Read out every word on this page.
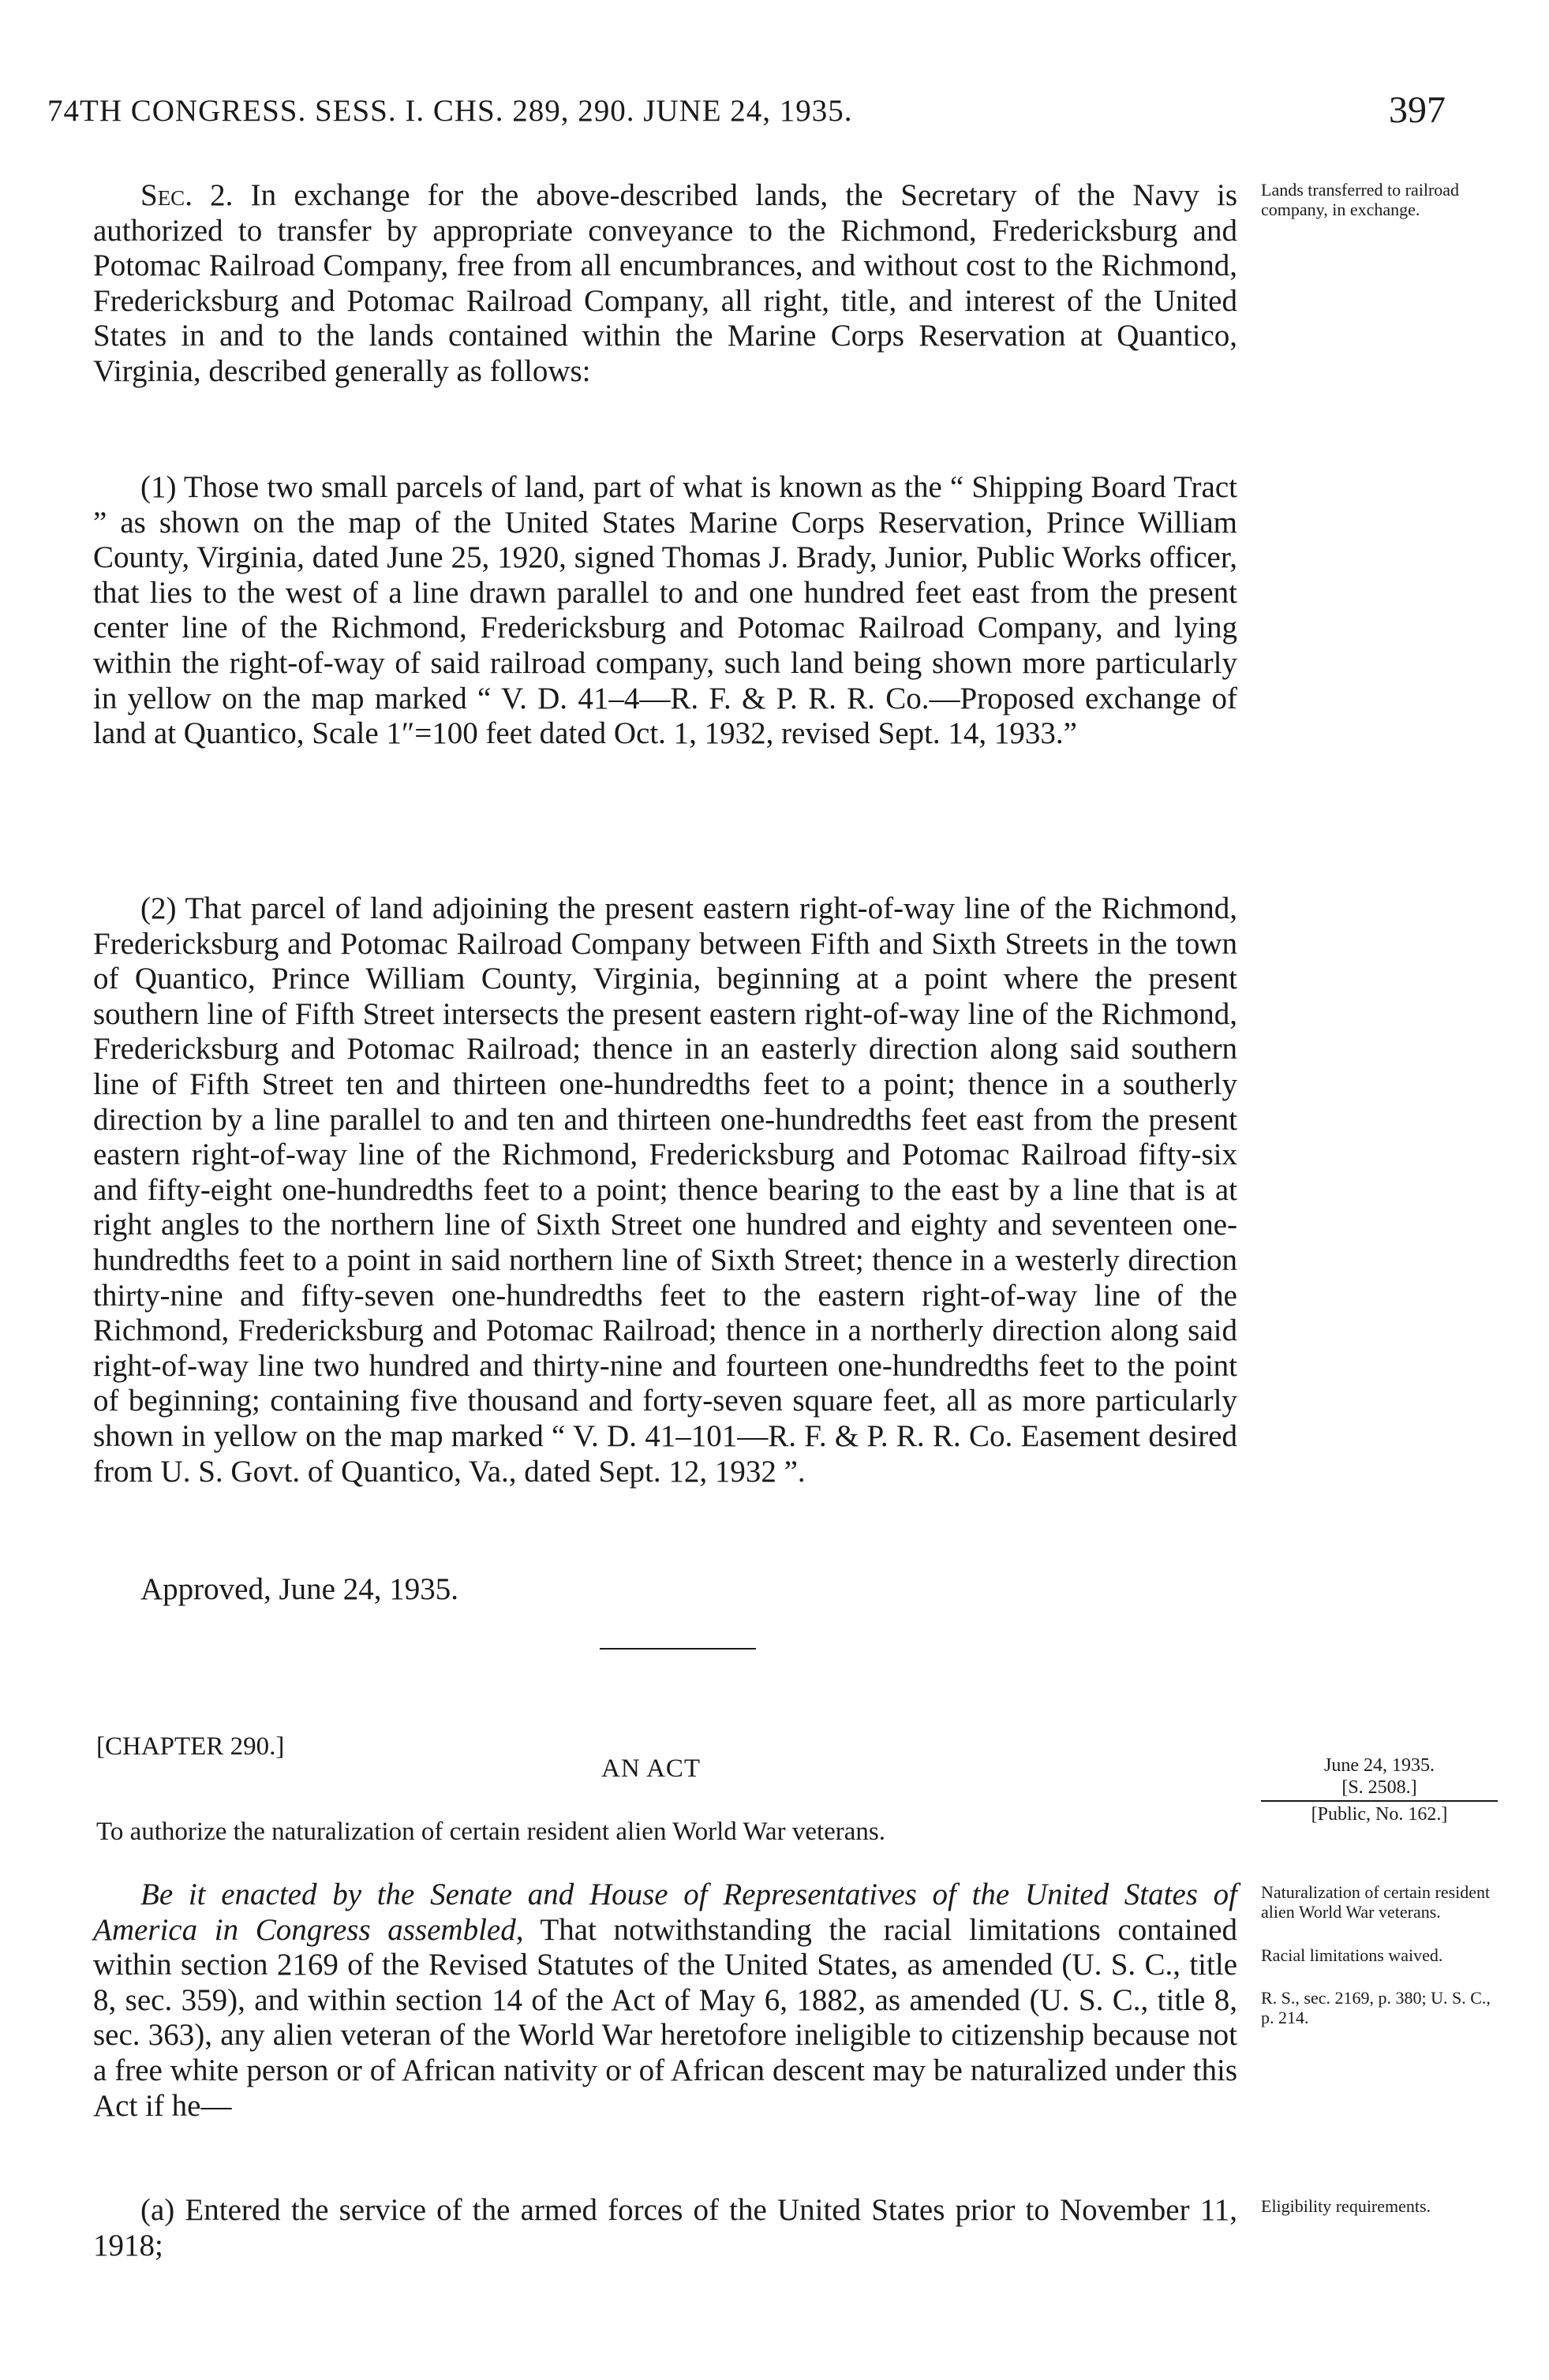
74TH CONGRESS. SESS. I. CHS. 289, 290. JUNE 24, 1935.	397

Sec. 2. In exchange for the above-described lands, the Secretary of the Navy is authorized to transfer by appropriate conveyance to the Richmond, Fredericksburg and Potomac Railroad Company, free from all encumbrances, and without cost to the Richmond, Fredericksburg and Potomac Railroad Company, all right, title, and interest of the United States in and to the lands contained within the Marine Corps Reservation at Quantico, Virginia, described generally as follows:

Lands transferred to railroad company, in exchange.

(1) Those two small parcels of land, part of what is known as the “ Shipping Board Tract ” as shown on the map of the United States Marine Corps Reservation, Prince William County, Virginia, dated June 25, 1920, signed Thomas J. Brady, Junior, Public Works officer, that lies to the west of a line drawn parallel to and one hundred feet east from the present center line of the Richmond, Fredericksburg and Potomac Railroad Company, and lying within the right-of-way of said railroad company, such land being shown more particularly in yellow on the map marked “ V. D. 41–4—R. F. & P. R. R. Co.—Proposed exchange of land at Quantico, Scale 1″=100 feet dated Oct. 1, 1932, revised Sept. 14, 1933.”

(2) That parcel of land adjoining the present eastern right-of-way line of the Richmond, Fredericksburg and Potomac Railroad Company between Fifth and Sixth Streets in the town of Quantico, Prince William County, Virginia, beginning at a point where the present southern line of Fifth Street intersects the present eastern right-of-way line of the Richmond, Fredericksburg and Potomac Railroad; thence in an easterly direction along said southern line of Fifth Street ten and thirteen one-hundredths feet to a point; thence in a southerly direction by a line parallel to and ten and thirteen one-hundredths feet east from the present eastern right-of-way line of the Richmond, Fredericksburg and Potomac Railroad fifty-six and fifty-eight one-hundredths feet to a point; thence bearing to the east by a line that is at right angles to the northern line of Sixth Street one hundred and eighty and seventeen one-hundredths feet to a point in said northern line of Sixth Street; thence in a westerly direction thirty-nine and fifty-seven one-hundredths feet to the eastern right-of-way line of the Richmond, Fredericksburg and Potomac Railroad; thence in a northerly direction along said right-of-way line two hundred and thirty-nine and fourteen one-hundredths feet to the point of beginning; containing five thousand and forty-seven square feet, all as more particularly shown in yellow on the map marked “ V. D. 41–101—R. F. & P. R. R. Co. Easement desired from U. S. Govt. of Quantico, Va., dated Sept. 12, 1932 ”.

Approved, June 24, 1935.
[CHAPTER 290.]
AN ACT
To authorize the naturalization of certain resident alien World War veterans.
June 24, 1935.
[S. 2508.]
[Public, No. 162.]

Be it enacted by the Senate and House of Representatives of the United States of America in Congress assembled, That notwithstanding the racial limitations contained within section 2169 of the Revised Statutes of the United States, as amended (U. S. C., title 8, sec. 359), and within section 14 of the Act of May 6, 1882, as amended (U. S. C., title 8, sec. 363), any alien veteran of the World War heretofore ineligible to citizenship because not a free white person or of African nativity or of African descent may be naturalized under this Act if he—

(a) Entered the service of the armed forces of the United States prior to November 11, 1918;

Naturalization of certain resident alien World War veterans.
Racial limitations waived.
R. S., sec. 2169, p. 380; U. S. C., p. 214.
Eligibility requirements.
